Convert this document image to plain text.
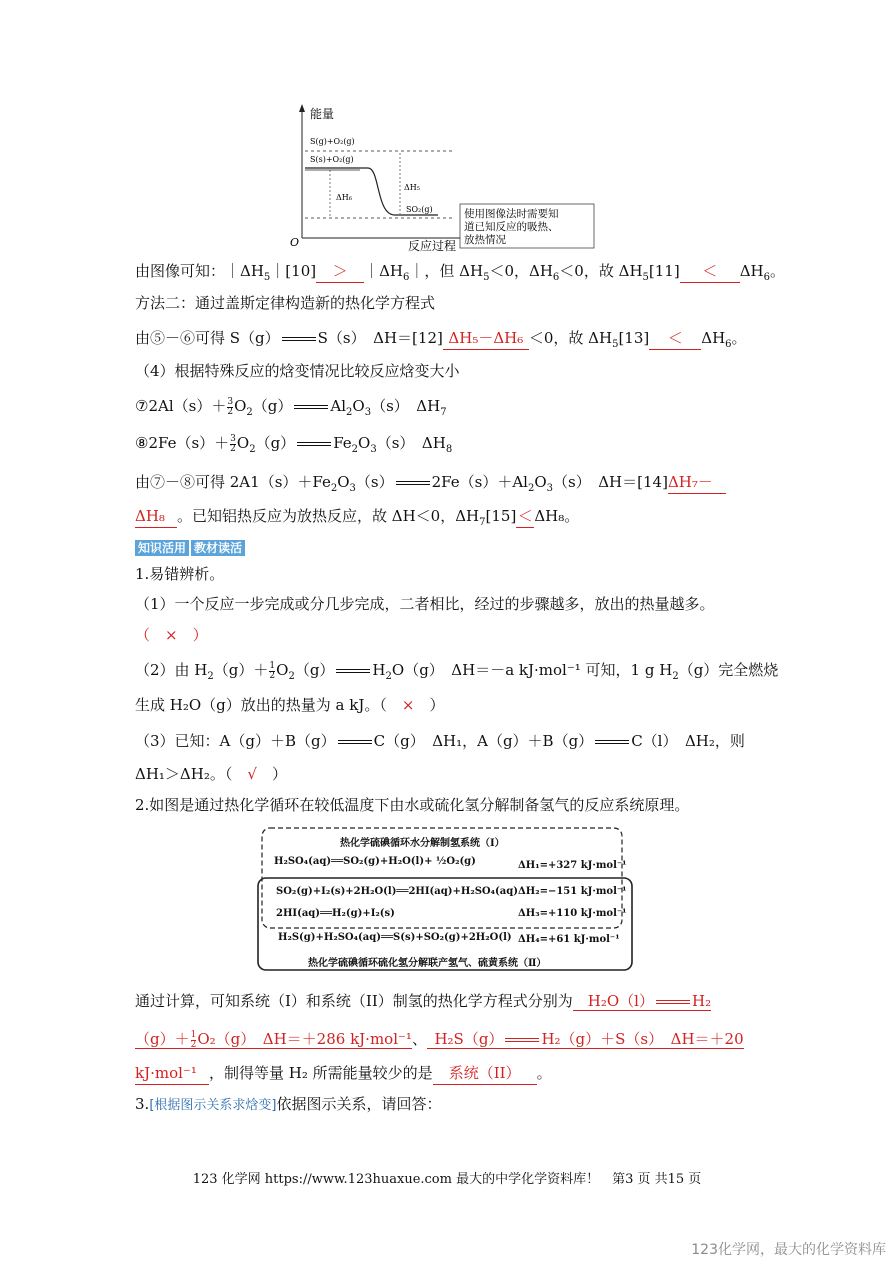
能量
O	反应过程
S(g)+O₂(g)
S(s)+O₂(g)
ΔH₆
ΔH₅
SO₂(g)	使用图像法时需要知
道已知反应的吸热、
放热情况
由图像可知：$|\Delta H_5|[10]$ ＞ $|\Delta H_6|$，但 $\Delta H_5<0$，$\Delta H_6<0$，故 $\Delta H_5[11] < \Delta H_6$。
方法二：通过盖斯定律构造新的热化学方程式
由⑤－⑥可得 S（g）	S（s）　ΔH＝[12] ΔH₅－ΔH₆ ＜0，故 $\Delta H_5[13] < \Delta H_6$。
（4）根据特殊反应的焓变情况比较反应焓变大小
⑦2Al（s）＋ $\frac{3}{2} O_2(g)$	$Al_2O_3(s)$　$\Delta H_7$
⑧2Fe（s）＋ $\frac{3}{2} O_2(g)$	$Fe_2O_3(s)$　$\Delta H_8$
由⑦－⑧可得 $2A1(s)+Fe_2O_3(s)$	$2Fe(s)+Al_2O_3(s)$　ΔH＝[14]ΔH₇－
ΔH₈ 。已知铝热反应为放热反应，故 ΔH＜0，$\Delta H_7[15]< \Delta H_8$。
知识活用 教材读活
1.易错辨析。
（1）一个反应一步完成或分几步完成，二者相比，经过的步骤越多，放出的热量越多。
（　×　）
（2）由 $H_2(g)+ \frac{1}{2} O_2(g)$	$H_2O(g)$　ΔH＝－a kJ·mol⁻¹ 可知，1 g $H_2(g)$完全燃烧
生成 H₂O（g）放出的热量为 a kJ。（　 ×　 ）
（3）已知：A（g）＋B（g）	C（g）　ΔH₁，A（g）＋B（g）	C（l）　ΔH₂，则
ΔH₁＞ΔH₂。（　 √　 ）
2.如图是通过热化学循环在较低温度下由水或硫化氢分解制备氢气的反应系统原理。
热化学硫碘循环水分解制氢系统（Ⅰ）
H₂SO₄(aq)══SO₂(g)+H₂O(l)+ ½O₂(g)	ΔH₁=+327 kJ·mol⁻¹
SO₂(g)+I₂(s)+2H₂O(l)══2HI(aq)+H₂SO₄(aq) ΔH₂=−151 kJ·mol⁻¹
2HI(aq)══H₂(g)+I₂(s)	ΔH₃=+110 kJ·mol⁻¹
H₂S(g)+H₂SO₄(aq)══S(s)+SO₂(g)+2H₂O(l) ΔH₄=+61 kJ·mol⁻¹
热化学硫碘循环硫化氢分解联产氢气、硫黄系统（Ⅱ）
通过计算，可知系统（I）和系统（II）制氢的热化学方程式分别为   H₂O（l）	H₂
$(g)+ \frac{1}{2} O_2(g)$　ΔH＝＋286 kJ·mol⁻¹、  H₂S（g）	H₂（g）＋S（s）　ΔH＝＋20
kJ·mol⁻¹ ，制得等量 H₂ 所需能量较少的是 系统（II） 。
3.[根据图示关系求焓变]依据图示关系，请回答：
123 化学网 https://www.123huaxue.com 最大的中学化学资料库！　第3 页 共15 页
123化学网，最大的化学资料库
